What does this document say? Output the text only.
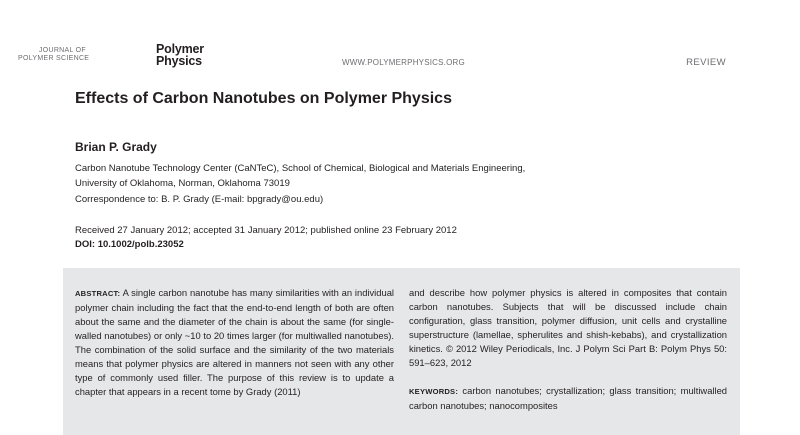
JOURNAL OF
POLYMER SCIENCE
Polymer
Physics	WWW.POLYMERPHYSICS.ORG	REVIEW
Effects of Carbon Nanotubes on Polymer Physics
Brian P. Grady
Carbon Nanotube Technology Center (CaNTeC), School of Chemical, Biological and Materials Engineering,
University of Oklahoma, Norman, Oklahoma 73019
Correspondence to: B. P. Grady (E-mail: bpgrady@ou.edu)
Received 27 January 2012; accepted 31 January 2012; published online 23 February 2012
DOI: 10.1002/polb.23052
ABSTRACT: A single carbon nanotube has many similarities with an individual polymer chain including the fact that the end-to-end length of both are often about the same and the diameter of the chain is about the same (for single-walled nanotubes) or only ~10 to 20 times larger (for multiwalled nanotubes). The combination of the solid surface and the similarity of the two materials means that polymer physics are altered in manners not seen with any other type of commonly used filler. The purpose of this review is to update a chapter that appears in a recent tome by Grady (2011)
and describe how polymer physics is altered in composites that contain carbon nanotubes. Subjects that will be discussed include chain configuration, glass transition, polymer diffusion, unit cells and crystalline superstructure (lamellae, spherulites and shish-kebabs), and crystallization kinetics. © 2012 Wiley Periodicals, Inc. J Polym Sci Part B: Polym Phys 50: 591–623, 2012
KEYWORDS: carbon nanotubes; crystallization; glass transition; multiwalled carbon nanotubes; nanocomposites
